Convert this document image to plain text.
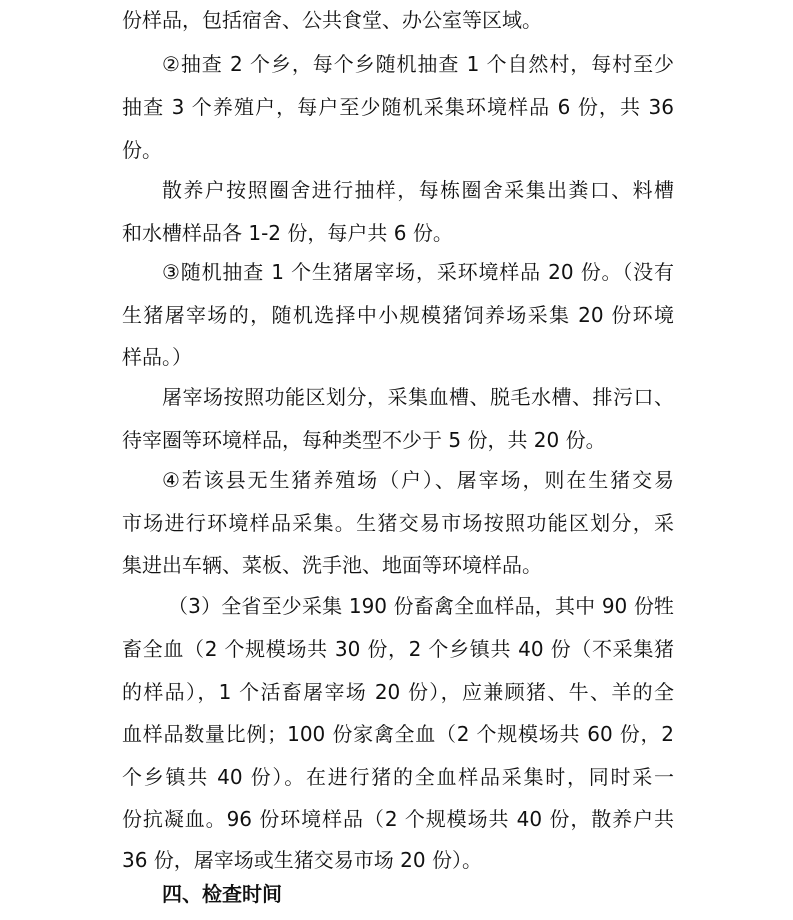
份样品，包括宿舍、公共食堂、办公室等区域。
②抽查 2 个乡，每个乡随机抽查 1 个自然村，每村至少
抽查 3 个养殖户，每户至少随机采集环境样品 6 份，共 36
份。
散养户按照圈舍进行抽样，每栋圈舍采集出粪口、料槽
和水槽样品各 1-2 份，每户共 6 份。
③随机抽查 1 个生猪屠宰场，采环境样品 20 份。（没有
生猪屠宰场的，随机选择中小规模猪饲养场采集 20 份环境
样品。）
屠宰场按照功能区划分，采集血槽、脱毛水槽、排污口、
待宰圈等环境样品，每种类型不少于 5 份，共 20 份。
④若该县无生猪养殖场（户）、屠宰场，则在生猪交易
市场进行环境样品采集。生猪交易市场按照功能区划分，采
集进出车辆、菜板、洗手池、地面等环境样品。
（3）全省至少采集 190 份畜禽全血样品，其中 90 份牲
畜全血（2 个规模场共 30 份，2 个乡镇共 40 份（不采集猪
的样品），1 个活畜屠宰场 20 份），应兼顾猪、牛、羊的全
血样品数量比例；100 份家禽全血（2 个规模场共 60 份，2
个乡镇共 40 份）。在进行猪的全血样品采集时，同时采一
份抗凝血。96 份环境样品（2 个规模场共 40 份，散养户共
36 份，屠宰场或生猪交易市场 20 份）。
四、检查时间
